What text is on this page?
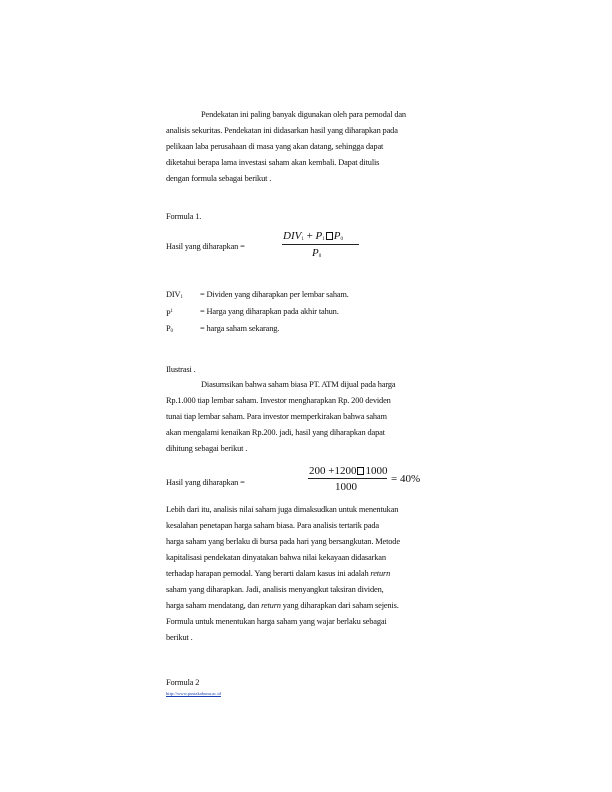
Pendekatan ini paling banyak digunakan oleh para pemodal dan
analisis sekuritas. Pendekatan ini didasarkan hasil yang diharapkan pada
pelikaan laba perusahaan di masa yang akan datang, sehingga dapat
diketahui berapa lama investasi saham akan kembali. Dapat ditulis
dengan formula sebagai berikut .
Formula 1.
Hasil yang diharapkan =
$DIV_1 + P_1$ $P_0$
$P_0$
$DIV_1$ = Dividen yang diharapkan per lembar saham.
$P^1$	= Harga yang diharapkan pada akhir tahun.
$P_0$	= harga saham sekarang.
Ilustrasi .
Diasumsikan bahwa saham biasa PT. ATM dijual pada harga
Rp.1.000 tiap lembar saham. Investor mengharapkan Rp. 200 deviden
tunai tiap lembar saham. Para investor memperkirakan bahwa saham
akan mengalami kenaikan Rp.200. jadi, hasil yang diharapkan dapat
dihitung sebagai berikut .
Hasil yang diharapkan =
200 +1200 1000
1000
= 40%
Lebih dari itu, analisis nilai saham juga dimaksudkan untuk menentukan
kesalahan penetapan harga saham biasa. Para analisis tertarik pada
harga saham yang berlaku di bursa pada hari yang bersangkutan. Metode
kapitalisasi pendekatan dinyatakan bahwa nilai kekayaan didasarkan
terhadap harapan pemodal. Yang berarti dalam kasus ini adalah return
saham yang diharapkan. Jadi, analisis menyangkut taksiran dividen,
harga saham mendatang, dan return yang diharapkan dari saham sejenis.
Formula untuk menentukan harga saham yang wajar berlaku sebagai
berikut .
Formula 2
http://www.pustakabunu.ac.id
